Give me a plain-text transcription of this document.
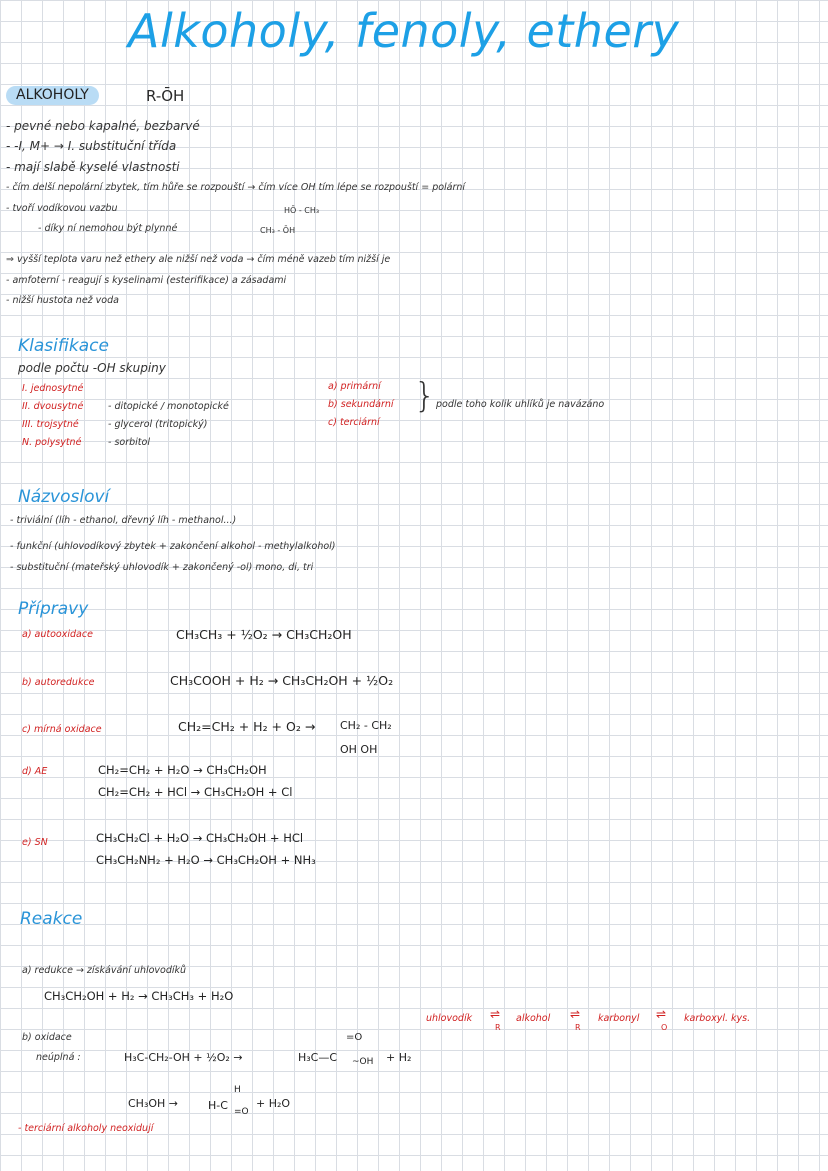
Alkoholy, fenoly, ethery
ALKOHOLY	R-ŌH
- pevné nebo kapalné, bezbarvé
- -I, M+ → I. substituční třída
- mají slabě kyselé vlastnosti
- čím delší nepolární zbytek, tím hůře se rozpouští → čím více OH tím lépe se rozpouští = polární
- tvoří vodíkovou vazbu	HŌ - CH₃
- díky ní nemohou být plynné	CH₃ - ŌH
⇒ vyšší teplota varu než ethery ale nižší než voda → čím méně vazeb tím nižší je
- amfoterní - reagují s kyselinami (esterifikace) a zásadami
- nižší hustota než voda
Klasifikace
podle počtu -OH skupiny
I. jednosytné
II. dvousytné	- ditopické / monotopické
III. trojsytné	- glycerol (tritopický)
N. polysytné	- sorbitol
a) primární
b) sekundární
c) terciární
} podle toho kolik uhlíků je navázáno
Názvosloví
- triviální (líh - ethanol, dřevný líh - methanol...)
- funkční (uhlovodíkový zbytek + zakončení alkohol - methylalkohol)
- substituční (mateřský uhlovodík + zakončený -ol) mono, di, tri
Přípravy
a) autooxidace	CH₃CH₃ + ½O₂ → CH₃CH₂OH
b) autoredukce	CH₃COOH + H₂ → CH₃CH₂OH + ½O₂
c) mírná oxidace	CH₂=CH₂ + H₂ + O₂ → CH₂ - CH₂
OH OH
d) AE	CH₂=CH₂ + H₂O → CH₃CH₂OH
CH₂=CH₂ + HCl → CH₃CH₂OH + Cl
e) SN	CH₃CH₂Cl + H₂O → CH₃CH₂OH + HCl
CH₃CH₂NH₂ + H₂O → CH₃CH₂OH + NH₃
Reakce
a) redukce → získávání uhlovodíků
CH₃CH₂OH + H₂ → CH₃CH₃ + H₂O
b) oxidace
neúplná :	H₃C-CH₂-OH + ½O₂ →	H₃C—C
=O
~OH + H₂
CH₃OH →	H-C
H
=O
+ H₂O
- terciární alkoholy neoxidují
uhlovodík ⇌
R
alkohol ⇌
R
karbonyl ⇌
O
karboxyl. kys.
